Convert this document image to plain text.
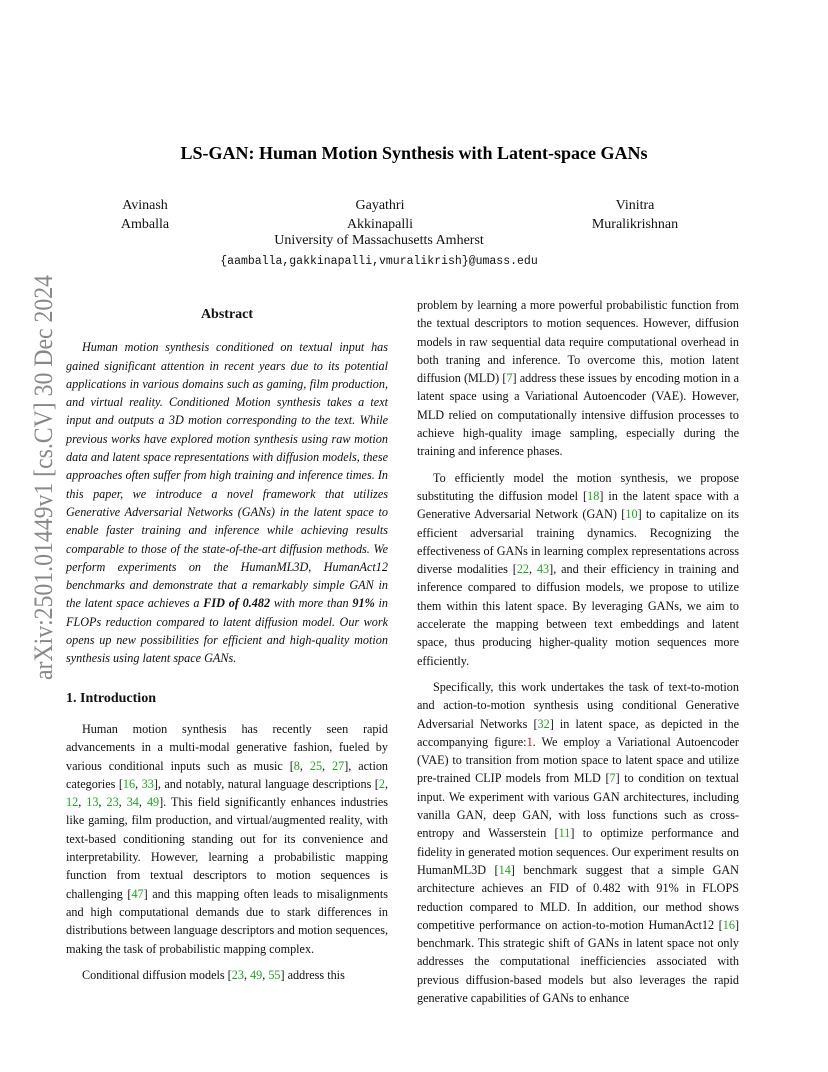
arXiv:2501.01449v1 [cs.CV] 30 Dec 2024
LS-GAN: Human Motion Synthesis with Latent-space GANs
Avinash
Amballa
Gayathri
Akkinapalli
Vinitra
Muralikrishnan
University of Massachusetts Amherst
{aamballa,gakkinapalli,vmuralikrish}@umass.edu
Abstract

Human motion synthesis conditioned on textual input has gained significant attention in recent years due to its potential applications in various domains such as gaming, film production, and virtual reality. Conditioned Motion synthesis takes a text input and outputs a 3D motion corresponding to the text. While previous works have explored motion synthesis using raw motion data and latent space representations with diffusion models, these approaches often suffer from high training and inference times. In this paper, we introduce a novel framework that utilizes Generative Adversarial Networks (GANs) in the latent space to enable faster training and inference while achieving results comparable to those of the state-of-the-art diffusion methods. We perform experiments on the HumanML3D, HumanAct12 benchmarks and demonstrate that a remarkably simple GAN in the latent space achieves a FID of 0.482 with more than 91% in FLOPs reduction compared to latent diffusion model. Our work opens up new possibilities for efficient and high-quality motion synthesis using latent space GANs.

1. Introduction

Human motion synthesis has recently seen rapid advancements in a multi-modal generative fashion, fueled by various conditional inputs such as music [8, 25, 27], action categories [16, 33], and notably, natural language descriptions [2, 12, 13, 23, 34, 49]. This field significantly enhances industries like gaming, film production, and virtual/augmented reality, with text-based conditioning standing out for its convenience and interpretability. However, learning a probabilistic mapping function from textual descriptors to motion sequences is challenging [47] and this mapping often leads to misalignments and high computational demands due to stark differences in distributions between language descriptors and motion sequences, making the task of probabilistic mapping complex.

Conditional diffusion models [23, 49, 55] address this

problem by learning a more powerful probabilistic function from the textual descriptors to motion sequences. However, diffusion models in raw sequential data require computational overhead in both traning and inference. To overcome this, motion latent diffusion (MLD) [7] address these issues by encoding motion in a latent space using a Variational Autoencoder (VAE). However, MLD relied on computationally intensive diffusion processes to achieve high-quality image sampling, especially during the training and inference phases.

To efficiently model the motion synthesis, we propose substituting the diffusion model [18] in the latent space with a Generative Adversarial Network (GAN) [10] to capitalize on its efficient adversarial training dynamics. Recognizing the effectiveness of GANs in learning complex representations across diverse modalities [22, 43], and their efficiency in training and inference compared to diffusion models, we propose to utilize them within this latent space. By leveraging GANs, we aim to accelerate the mapping between text embeddings and latent space, thus producing higher-quality motion sequences more efficiently.

Specifically, this work undertakes the task of text-to-motion and action-to-motion synthesis using conditional Generative Adversarial Networks [32] in latent space, as depicted in the accompanying figure:1. We employ a Variational Autoencoder (VAE) to transition from motion space to latent space and utilize pre-trained CLIP models from MLD [7] to condition on textual input. We experiment with various GAN architectures, including vanilla GAN, deep GAN, with loss functions such as cross-entropy and Wasserstein [11] to optimize performance and fidelity in generated motion sequences. Our experiment results on HumanML3D [14] benchmark suggest that a simple GAN architecture achieves an FID of 0.482 with 91% in FLOPS reduction compared to MLD. In addition, our method shows competitive performance on action-to-motion HumanAct12 [16] benchmark. This strategic shift of GANs in latent space not only addresses the computational inefficiencies associated with previous diffusion-based models but also leverages the rapid generative capabilities of GANs to enhance
